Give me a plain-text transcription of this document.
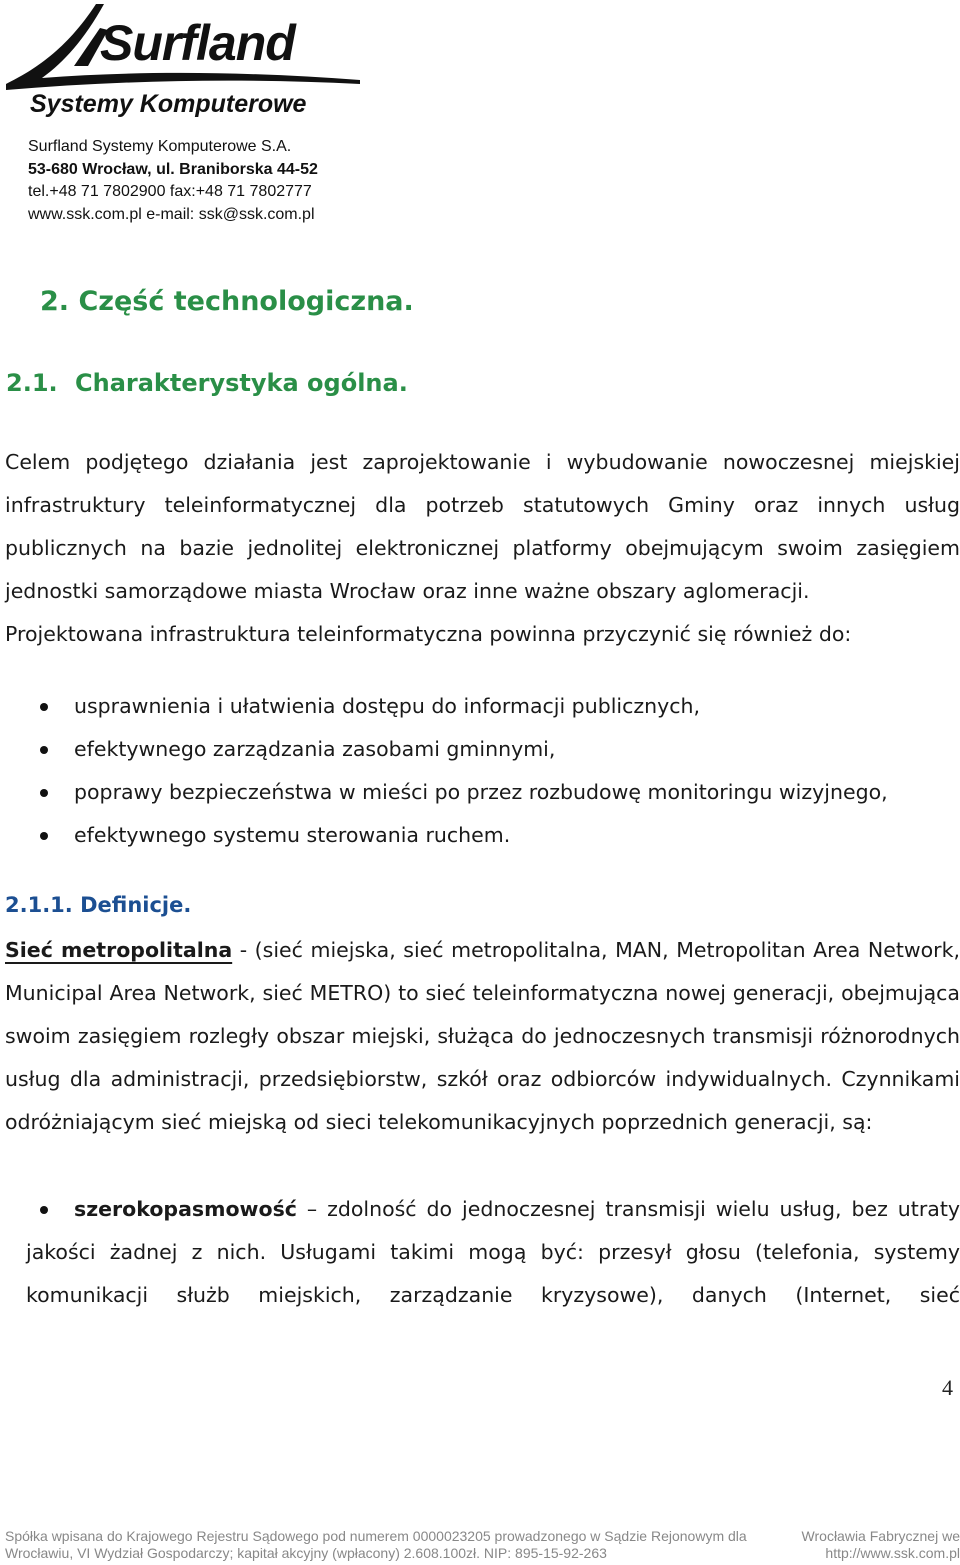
Surfland
Systemy Komputerowe
Surfland Systemy Komputerowe S.A.
53-680 Wrocław, ul. Braniborska 44-52
tel.+48 71 7802900 fax:+48 71 7802777
www.ssk.com.pl e-mail: ssk@ssk.com.pl
2. Część technologiczna.
2.1. Charakterystyka ogólna.

Celem podjętego działania jest zaprojektowanie i wybudowanie nowoczesnej miejskiej infrastruktury teleinformatycznej dla potrzeb statutowych Gminy oraz innych usług publicznych na bazie jednolitej elektronicznej platformy obejmującym swoim zasięgiem jednostki samorządowe miasta Wrocław oraz inne ważne obszary aglomeracji.

Projektowana infrastruktura teleinformatyczna powinna przyczynić się również do:

usprawnienia i ułatwienia dostępu do informacji publicznych,
efektywnego zarządzania zasobami gminnymi,
poprawy bezpieczeństwa w mieści po przez rozbudowę monitoringu wizyjnego,
efektywnego systemu sterowania ruchem.
2.1.1. Definicje.

Sieć metropolitalna - (sieć miejska, sieć metropolitalna, MAN, Metropolitan Area Network, Municipal Area Network, sieć METRO) to sieć teleinformatyczna nowej generacji, obejmująca swoim zasięgiem rozległy obszar miejski, służąca do jednoczesnych transmisji różnorodnych usług dla administracji, przedsiębiorstw, szkół oraz odbiorców indywidualnych. Czynnikami odróżniającym sieć miejską od sieci telekomunikacyjnych poprzednich generacji, są:

szerokopasmowość – zdolność do jednoczesnej transmisji wielu usług, bez utraty jakości żadnej z nich. Usługami takimi mogą być: przesył głosu (telefonia, systemy komunikacji służb miejskich, zarządzanie kryzysowe), danych (Internet, sieć
4
Spółka wpisana do Krajowego Rejestru Sądowego pod numerem 0000023205 prowadzonego w Sądzie Rejonowym dla	Wrocławia Fabrycznej we
Wrocławiu, VI Wydział Gospodarczy; kapitał akcyjny (wpłacony) 2.608.100zł. NIP: 895-15-92-263	http://www.ssk.com.pl
